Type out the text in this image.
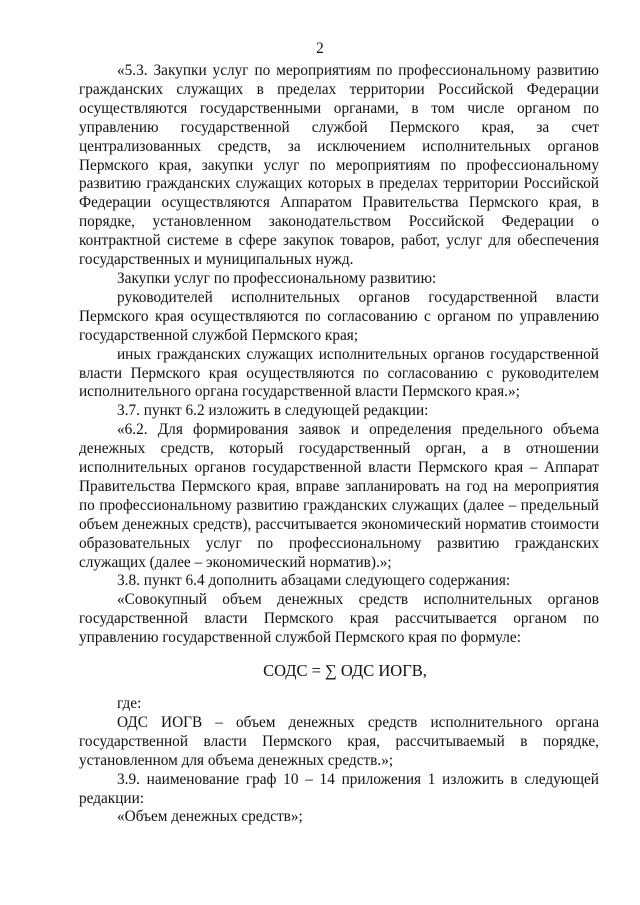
2

«5.3. Закупки услуг по мероприятиям по профессиональному развитию гражданских служащих в пределах территории Российской Федерации осуществляются государственными органами, в том числе органом по управлению государственной службой Пермского края, за счет централизованных средств, за исключением исполнительных органов Пермского края, закупки услуг по мероприятиям по профессиональному развитию гражданских служащих которых в пределах территории Российской Федерации осуществляются Аппаратом Правительства Пермского края, в порядке, установленном законодательством Российской Федерации о контрактной системе в сфере закупок товаров, работ, услуг для обеспечения государственных и муниципальных нужд.

Закупки услуг по профессиональному развитию:

руководителей исполнительных органов государственной власти Пермского края осуществляются по согласованию с органом по управлению государственной службой Пермского края;

иных гражданских служащих исполнительных органов государственной власти Пермского края осуществляются по согласованию с руководителем исполнительного органа государственной власти Пермского края.»;

3.7. пункт 6.2 изложить в следующей редакции:

«6.2. Для формирования заявок и определения предельного объема денежных средств, который государственный орган, а в отношении исполнительных органов государственной власти Пермского края – Аппарат Правительства Пермского края, вправе запланировать на год на мероприятия по профессиональному развитию гражданских служащих (далее – предельный объем денежных средств), рассчитывается экономический норматив стоимости образовательных услуг по профессиональному развитию гражданских служащих (далее – экономический норматив).»;

3.8. пункт 6.4 дополнить абзацами следующего содержания:

«Совокупный объем денежных средств исполнительных органов государственной власти Пермского края рассчитывается органом по управлению государственной службой Пермского края по формуле:

СОДС = ∑ ОДС ИОГВ,

где:

ОДС ИОГВ – объем денежных средств исполнительного органа государственной власти Пермского края, рассчитываемый в порядке, установленном для объема денежных средств.»;

3.9. наименование граф 10 – 14 приложения 1 изложить в следующей редакции:

«Объем денежных средств»;
